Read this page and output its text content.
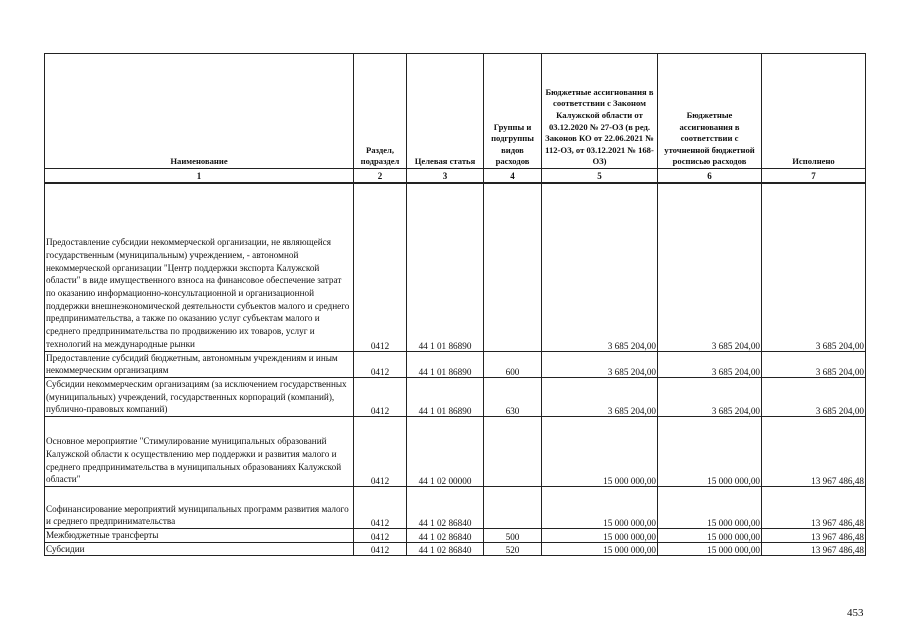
Наименование	Раздел, подраздел	Целевая статья	Группы и подгруппы видов расходов	Бюджетные ассигнования в соответствии с Законом Калужской области от 03.12.2020 № 27-ОЗ (в ред. Законов КО от 22.06.2021 № 112-ОЗ, от 03.12.2021 № 168-ОЗ)	Бюджетные ассигнования в соответствии с уточненной бюджетной росписью расходов	Исполнено
1	2	3	4	5	6	7
Предоставление субсидии некоммерческой организации, не являющейся государственным (муниципальным) учреждением, - автономной некоммерческой организации "Центр поддержки экспорта Калужской области" в виде имущественного взноса на финансовое обеспечение затрат по оказанию информационно-консультационной и организационной поддержки внешнеэкономической деятельности субъектов малого и среднего предпринимательства, а также по оказанию услуг субъектам малого и среднего предпринимательства по продвижению их товаров, услуг и технологий на международные рынки	0412	44 1 01 86890		3 685 204,00	3 685 204,00	3 685 204,00
Предоставление субсидий бюджетным, автономным учреждениям и иным некоммерческим организациям	0412	44 1 01 86890	600	3 685 204,00	3 685 204,00	3 685 204,00
Субсидии некоммерческим организациям (за исключением государственных (муниципальных) учреждений, государственных корпораций (компаний), публично-правовых компаний)	0412	44 1 01 86890	630	3 685 204,00	3 685 204,00	3 685 204,00
Основное мероприятие "Стимулирование муниципальных образований Калужской области к осуществлению мер поддержки и развития малого и среднего предпринимательства в муниципальных образованиях Калужской области"	0412	44 1 02 00000		15 000 000,00	15 000 000,00	13 967 486,48
Софинансирование мероприятий муниципальных программ развития малого и среднего предпринимательства	0412	44 1 02 86840		15 000 000,00	15 000 000,00	13 967 486,48
Межбюджетные трансферты	0412	44 1 02 86840	500	15 000 000,00	15 000 000,00	13 967 486,48
Субсидии	0412	44 1 02 86840	520	15 000 000,00	15 000 000,00	13 967 486,48
453
